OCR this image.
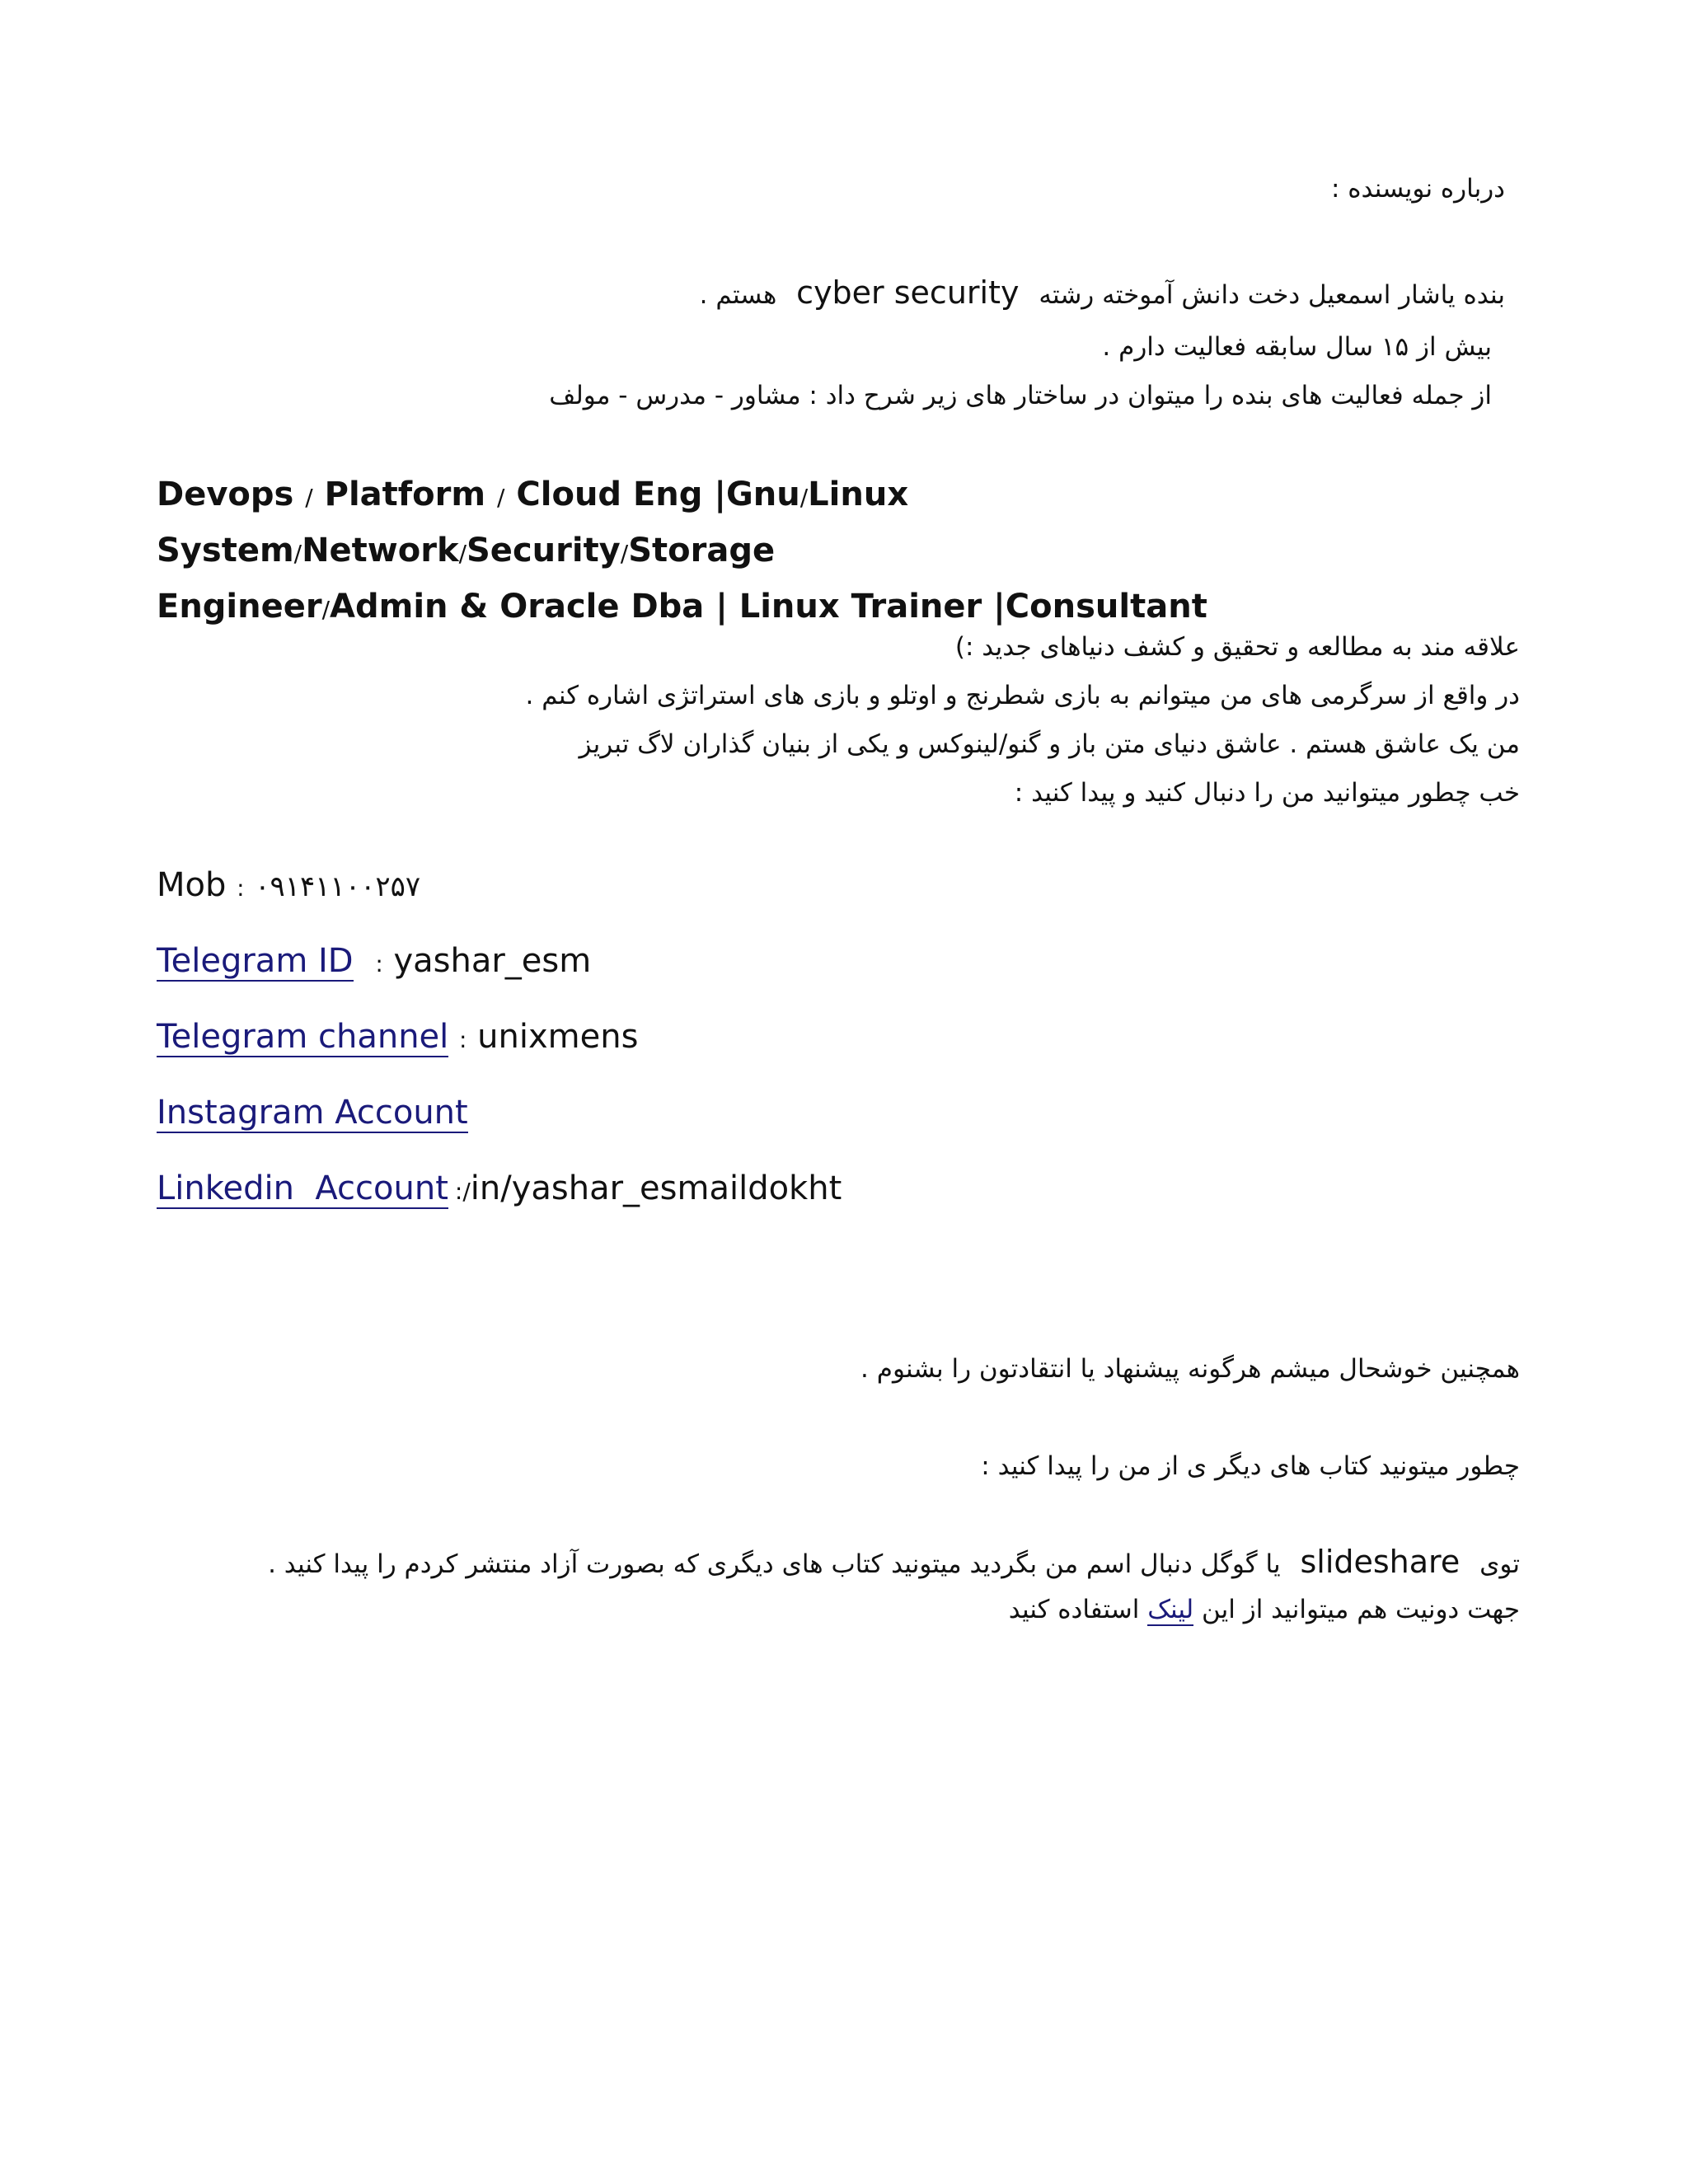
درباره نویسنده :
بنده یاشار اسمعیل دخت دانش آموخته رشته cyber security هستم .
بیش از ۱۵ سال سابقه فعالیت دارم .
از جمله فعالیت های بنده را میتوان در ساختار های زیر شرح داد : مشاور - مدرس - مولف
Devops / Platform / Cloud Eng |Gnu/Linux System/Network/Security/Storage
Engineer/Admin & Oracle Dba | Linux Trainer |Consultant
علاقه مند به مطالعه و تحقیق و کشف دنیاهای جدید :)
در واقع از سرگرمی های من میتوانم به بازی شطرنج و اوتلو و بازی های استراتژی اشاره کنم .
من یک عاشق هستم . عاشق دنیای متن باز و گنو/لینوکس و یکی از بنیان گذاران لاگ تبریز
خب چطور میتوانید من را دنبال کنید و پیدا کنید :
Mob : ۰۹۱۴۱۱۰۰۲۵۷
Telegram ID : yashar_esm
Telegram channel : unixmens
Instagram Account
Linkedin  Account :/in/yashar_esmaildokht
همچنین خوشحال میشم هرگونه پیشنهاد یا انتقادتون را بشنوم .
چطور میتونید کتاب های دیگر ی از من را پیدا کنید :
توی slideshare یا گوگل دنبال اسم من بگردید میتونید کتاب های دیگری که بصورت آزاد منتشر کردم را پیدا کنید .
جهت دونیت هم میتوانید از این لینک استفاده کنید
